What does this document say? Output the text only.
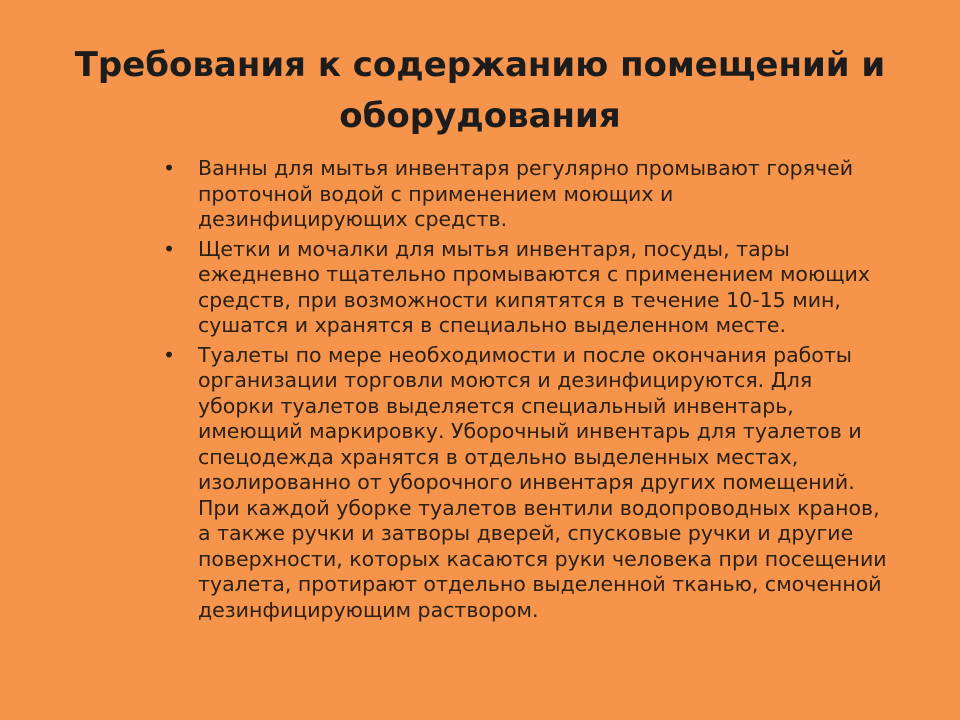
Требования к содержанию помещений и
оборудования
•	Ванны для мытья инвентаря регулярно промывают горячей
проточной водой с применением моющих и
дезинфицирующих средств.
•	Щетки и мочалки для мытья инвентаря, посуды, тары
ежедневно тщательно промываются с применением моющих
средств, при возможности кипятятся в течение 10-15 мин,
сушатся и хранятся в специально выделенном месте.
•	Туалеты по мере необходимости и после окончания работы
организации торговли моются и дезинфицируются. Для
уборки туалетов выделяется специальный инвентарь,
имеющий маркировку. Уборочный инвентарь для туалетов и
спецодежда хранятся в отдельно выделенных местах,
изолированно от уборочного инвентаря других помещений.
При каждой уборке туалетов вентили водопроводных кранов,
а также ручки и затворы дверей, спусковые ручки и другие
поверхности, которых касаются руки человека при посещении
туалета, протирают отдельно выделенной тканью, смоченной
дезинфицирующим раствором.
